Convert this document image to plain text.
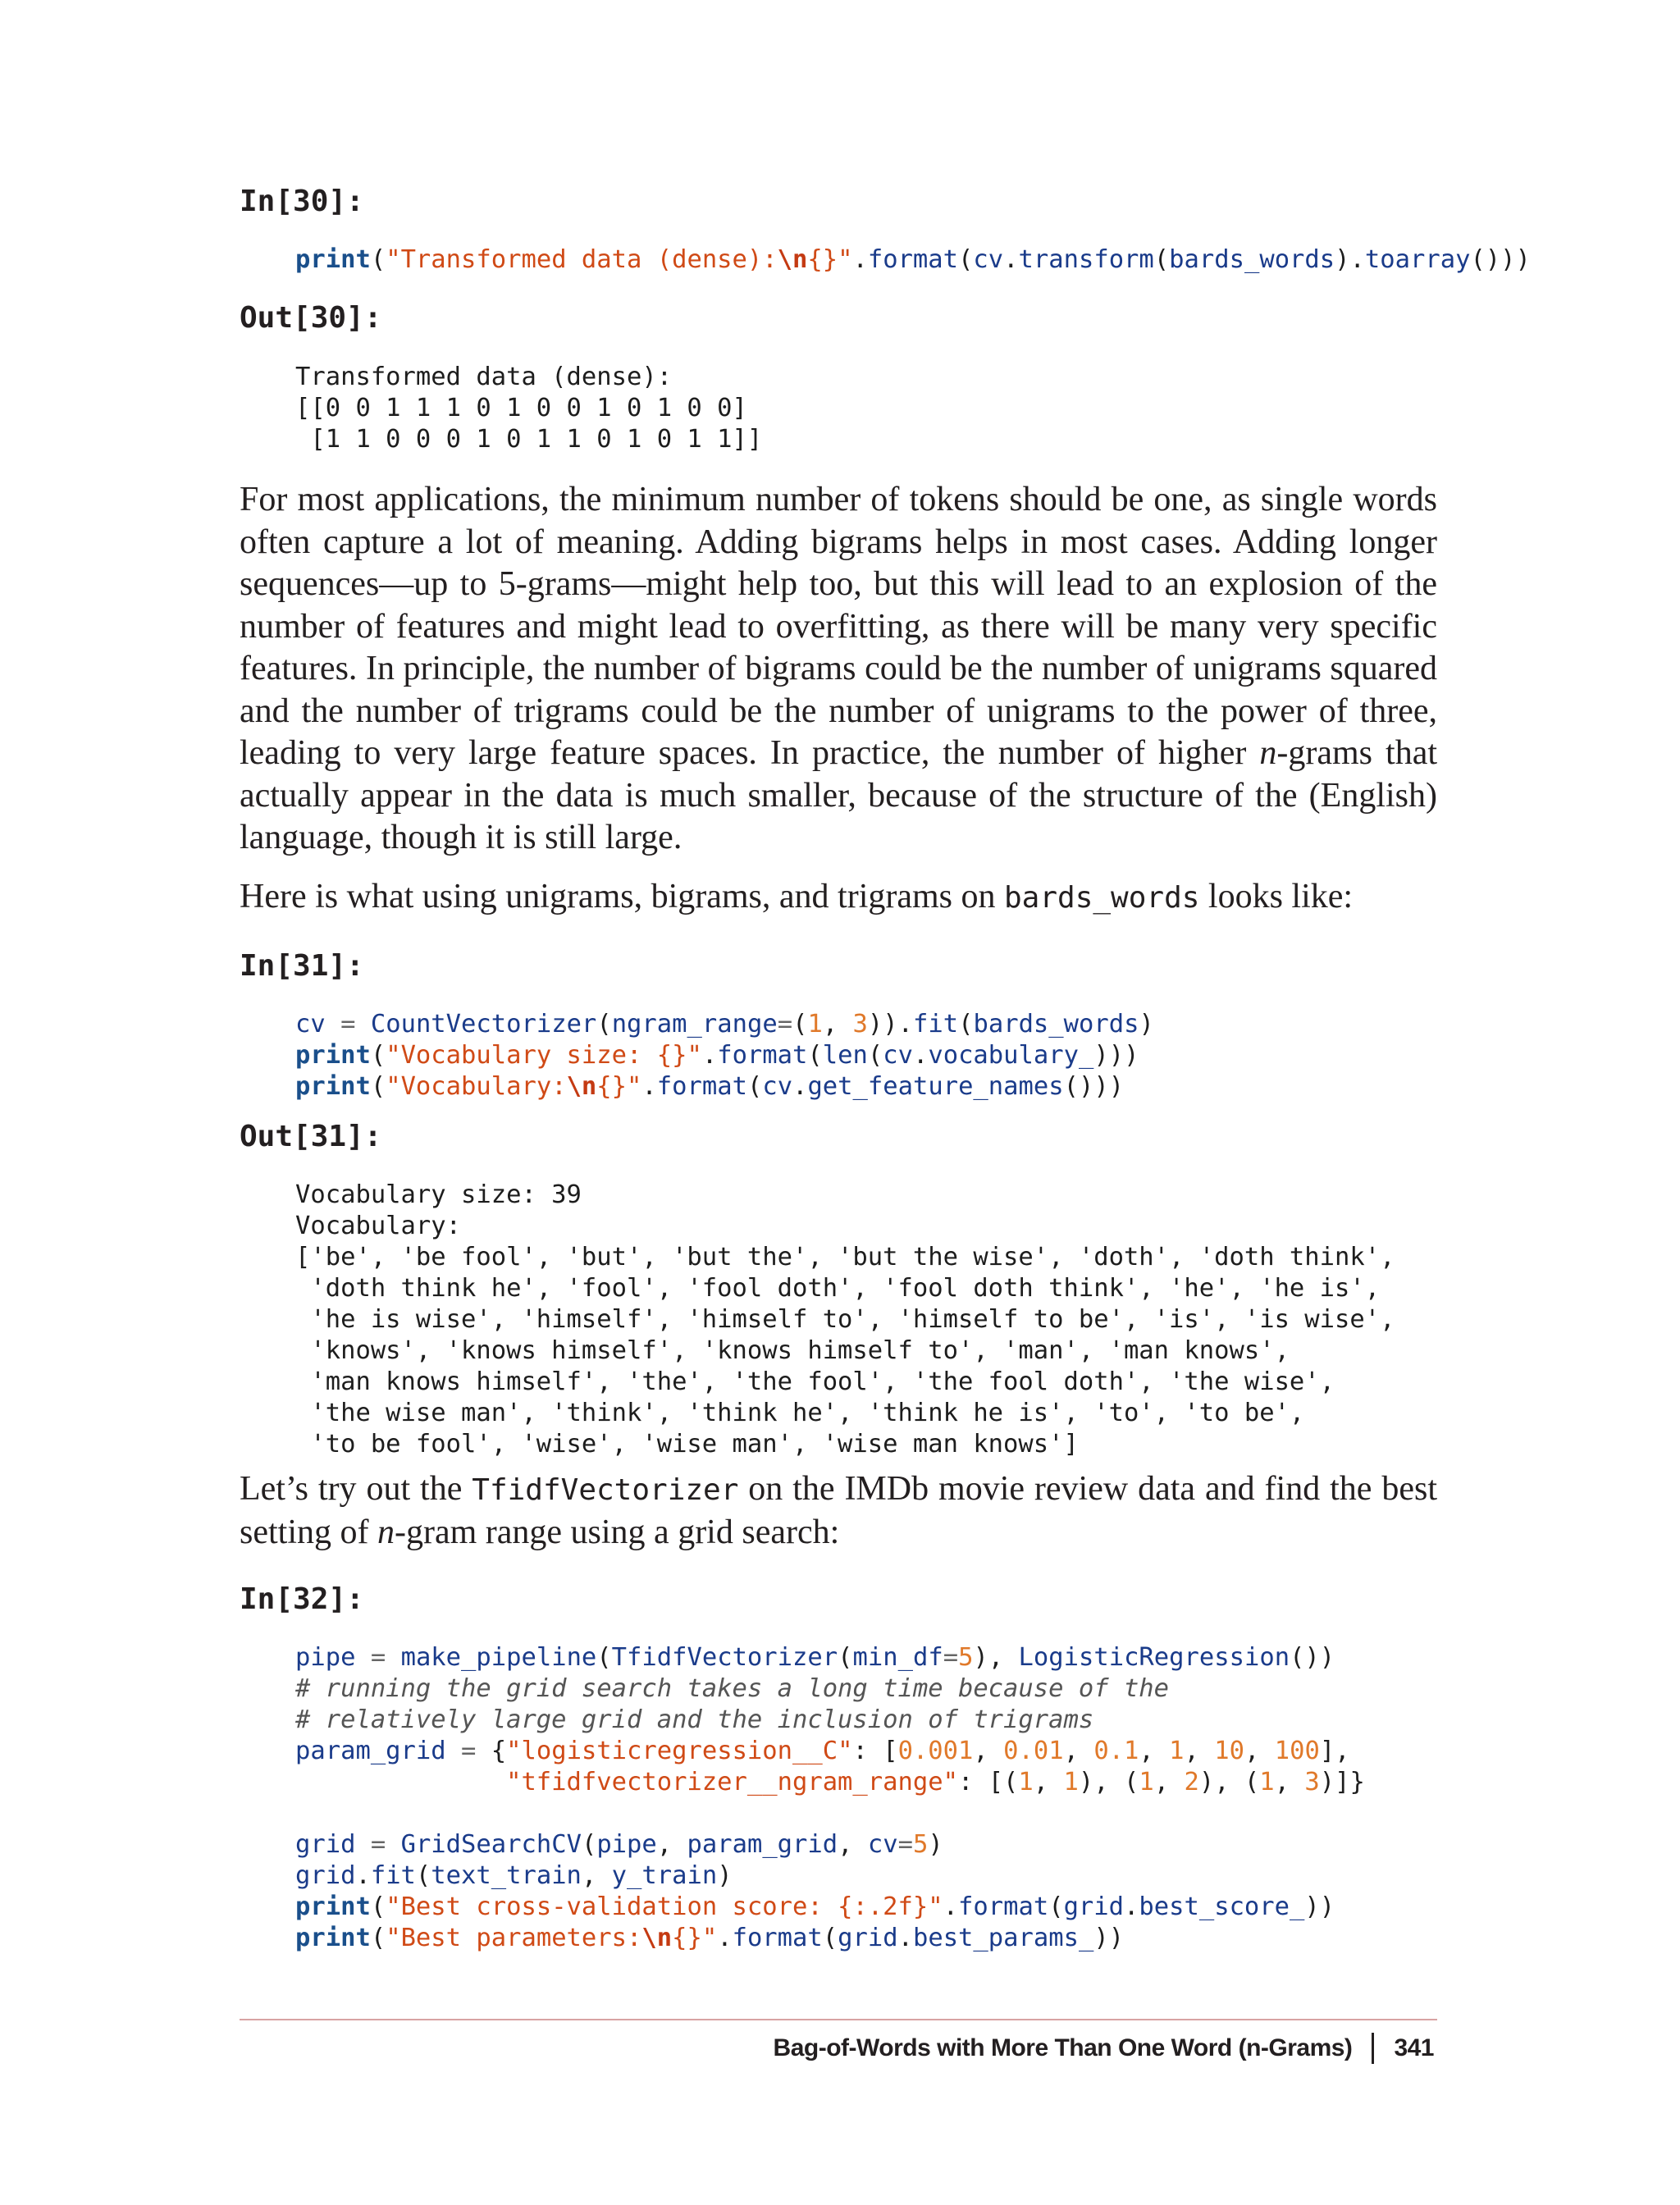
In[30]:
print("Transformed data (dense):\n{}".format(cv.transform(bards_words).toarray()))
Out[30]:
Transformed data (dense):
[[0 0 1 1 1 0 1 0 0 1 0 1 0 0]
[1 1 0 0 0 1 0 1 1 0 1 0 1 1]]

For most applications, the minimum number of tokens should be one, as single words often capture a lot of meaning. Adding bigrams helps in most cases. Adding longer sequences—up to 5-grams—might help too, but this will lead to an explosion of the number of features and might lead to overfitting, as there will be many very specific features. In principle, the number of bigrams could be the number of unigrams squared and the number of trigrams could be the number of unigrams to the power of three, leading to very large feature spaces. In practice, the number of higher n-grams that actually appear in the data is much smaller, because of the structure of the (English) language, though it is still large.

Here is what using unigrams, bigrams, and trigrams on bards_words looks like:

In[31]:
cv = CountVectorizer(ngram_range=(1, 3)).fit(bards_words)
print("Vocabulary size: {}".format(len(cv.vocabulary_)))
print("Vocabulary:\n{}".format(cv.get_feature_names()))
Out[31]:
Vocabulary size: 39
Vocabulary:
['be', 'be fool', 'but', 'but the', 'but the wise', 'doth', 'doth think',
'doth think he', 'fool', 'fool doth', 'fool doth think', 'he', 'he is',
'he is wise', 'himself', 'himself to', 'himself to be', 'is', 'is wise',
'knows', 'knows himself', 'knows himself to', 'man', 'man knows',
'man knows himself', 'the', 'the fool', 'the fool doth', 'the wise',
'the wise man', 'think', 'think he', 'think he is', 'to', 'to be',
'to be fool', 'wise', 'wise man', 'wise man knows']

Let’s try out the TfidfVectorizer on the IMDb movie review data and find the best setting of n-gram range using a grid search:

In[32]:
pipe = make_pipeline(TfidfVectorizer(min_df=5), LogisticRegression())
# running the grid search takes a long time because of the
# relatively large grid and the inclusion of trigrams
param_grid = {"logisticregression__C": [0.001, 0.01, 0.1, 1, 10, 100],
"tfidfvectorizer__ngram_range": [(1, 1), (1, 2), (1, 3)]}

grid = GridSearchCV(pipe, param_grid, cv=5)
grid.fit(text_train, y_train)
print("Best cross-validation score: {:.2f}".format(grid.best_score_))
print("Best parameters:\n{}".format(grid.best_params_))
Bag-of-Words with More Than One Word (n-Grams) 341
